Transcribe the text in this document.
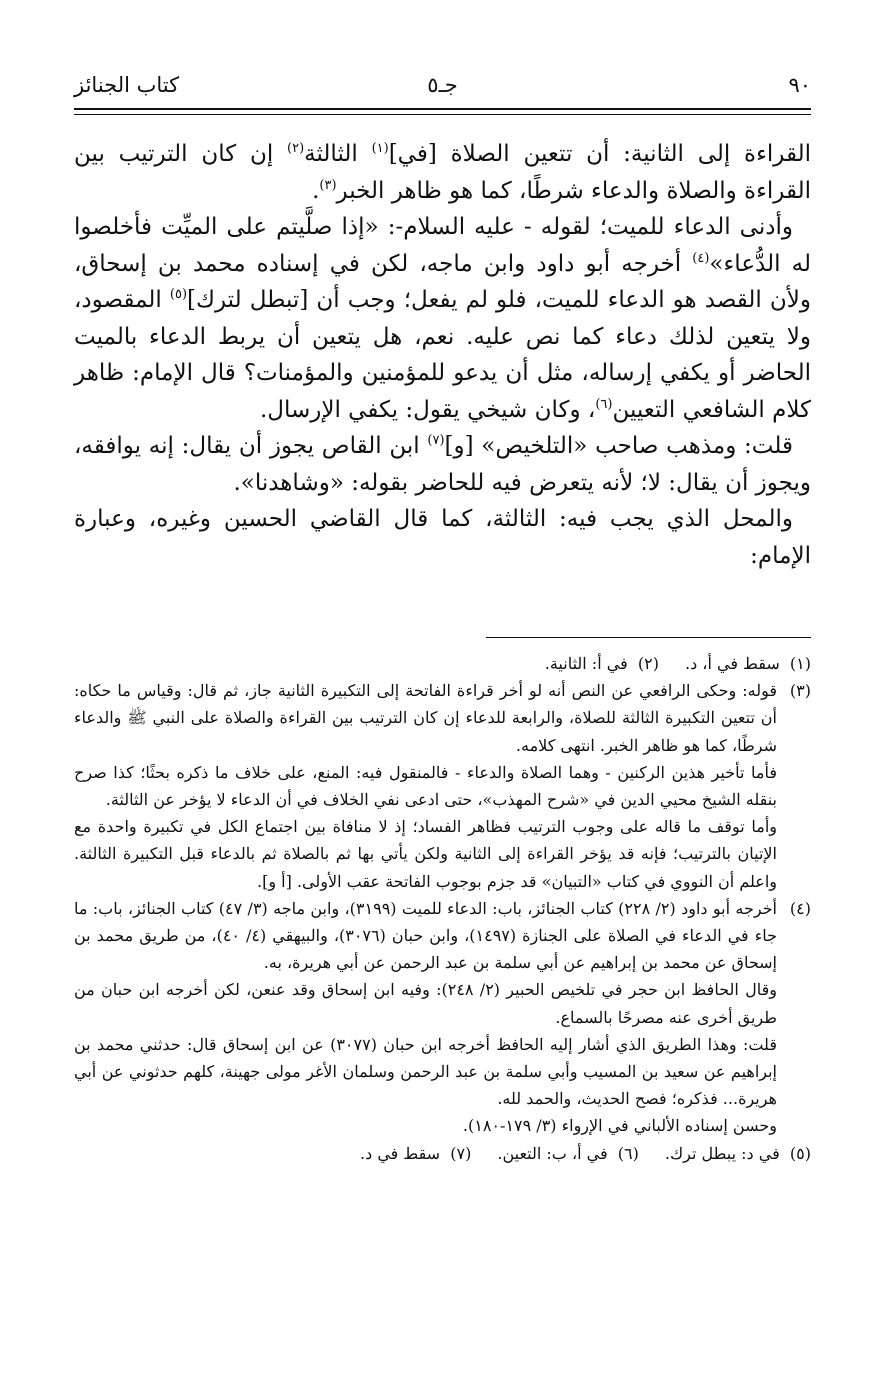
٩٠
جـ٥
كتاب الجنائز

القراءة إلى الثانية: أن تتعين الصلاة [في]$^{(١)}$ الثالثة$^{(٢)}$ إن كان الترتيب بين القراءة والصلاة والدعاء شرطًا، كما هو ظاهر الخبر$^{(٣)}$.

وأدنى الدعاء للميت؛ لقوله - عليه السلام-: «إذا صلَّيتم على الميِّت فأخلصوا له الدُّعاء»$^{(٤)}$ أخرجه أبو داود وابن ماجه، لكن في إسناده محمد بن إسحاق، ولأن القصد هو الدعاء للميت، فلو لم يفعل؛ وجب أن [تبطل لترك]$^{(٥)}$ المقصود، ولا يتعين لذلك دعاء كما نص عليه. نعم، هل يتعين أن يربط الدعاء بالميت الحاضر أو يكفي إرساله، مثل أن يدعو للمؤمنين والمؤمنات؟ قال الإمام: ظاهر كلام الشافعي التعيين$^{(٦)}$، وكان شيخي يقول: يكفي الإرسال.

قلت: ومذهب صاحب «التلخيص» [و]$^{(٧)}$ ابن القاص يجوز أن يقال: إنه يوافقه، ويجوز أن يقال: لا؛ لأنه يتعرض فيه للحاضر بقوله: «وشاهدنا».

والمحل الذي يجب فيه: الثالثة، كما قال القاضي الحسين وغيره، وعبارة الإمام:

(١)  سقط في أ، د.
(٢)  في أ: الثانية.
(٣)

قوله: وحكى الرافعي عن النص أنه لو أخر قراءة الفاتحة إلى التكبيرة الثانية جاز، ثم قال: وقياس ما حكاه: أن تتعين التكبيرة الثالثة للصلاة، والرابعة للدعاء إن كان الترتيب بين القراءة والصلاة على النبي ﷺ والدعاء شرطًا، كما هو ظاهر الخبر. انتهى كلامه.

فأما تأخير هذين الركنين - وهما الصلاة والدعاء - فالمنقول فيه: المنع، على خلاف ما ذكره بحثًا؛ كذا صرح بنقله الشيخ محيي الدين في «شرح المهذب»، حتى ادعى نفي الخلاف في أن الدعاء لا يؤخر عن الثالثة.

وأما توقف ما قاله على وجوب الترتيب فظاهر الفساد؛ إذ لا منافاة بين اجتماع الكل في تكبيرة واحدة مع الإتيان بالترتيب؛ فإنه قد يؤخر القراءة إلى الثانية ولكن يأتي بها ثم بالصلاة ثم بالدعاء قبل التكبيرة الثالثة. واعلم أن النووي في كتاب «التبيان» قد جزم بوجوب الفاتحة عقب الأولى. [أ و].

(٤)

أخرجه أبو داود (٢/ ٢٢٨) كتاب الجنائز، باب: الدعاء للميت (٣١٩٩)، وابن ماجه (٣/ ٤٧) كتاب الجنائز، باب: ما جاء في الدعاء في الصلاة على الجنازة (١٤٩٧)، وابن حبان (٣٠٧٦)، والبيهقي (٤/ ٤٠)، من طريق محمد بن إسحاق عن محمد بن إبراهيم عن أبي سلمة بن عبد الرحمن عن أبي هريرة، به.

وقال الحافظ ابن حجر في تلخيص الحبير (٢/ ٢٤٨): وفيه ابن إسحاق وقد عنعن، لكن أخرجه ابن حبان من طريق أخرى عنه مصرحًا بالسماع.

قلت: وهذا الطريق الذي أشار إليه الحافظ أخرجه ابن حبان (٣٠٧٧) عن ابن إسحاق قال: حدثني محمد بن إبراهيم عن سعيد بن المسيب وأبي سلمة بن عبد الرحمن وسلمان الأغر مولى جهينة، كلهم حدثوني عن أبي هريرة... فذكره؛ فصح الحديث، والحمد لله.

وحسن إسناده الألباني في الإرواء (٣/ ١٧٩-١٨٠).

(٥)  في د: يبطل ترك.
(٦)  في أ، ب: التعين.
(٧)  سقط في د.
